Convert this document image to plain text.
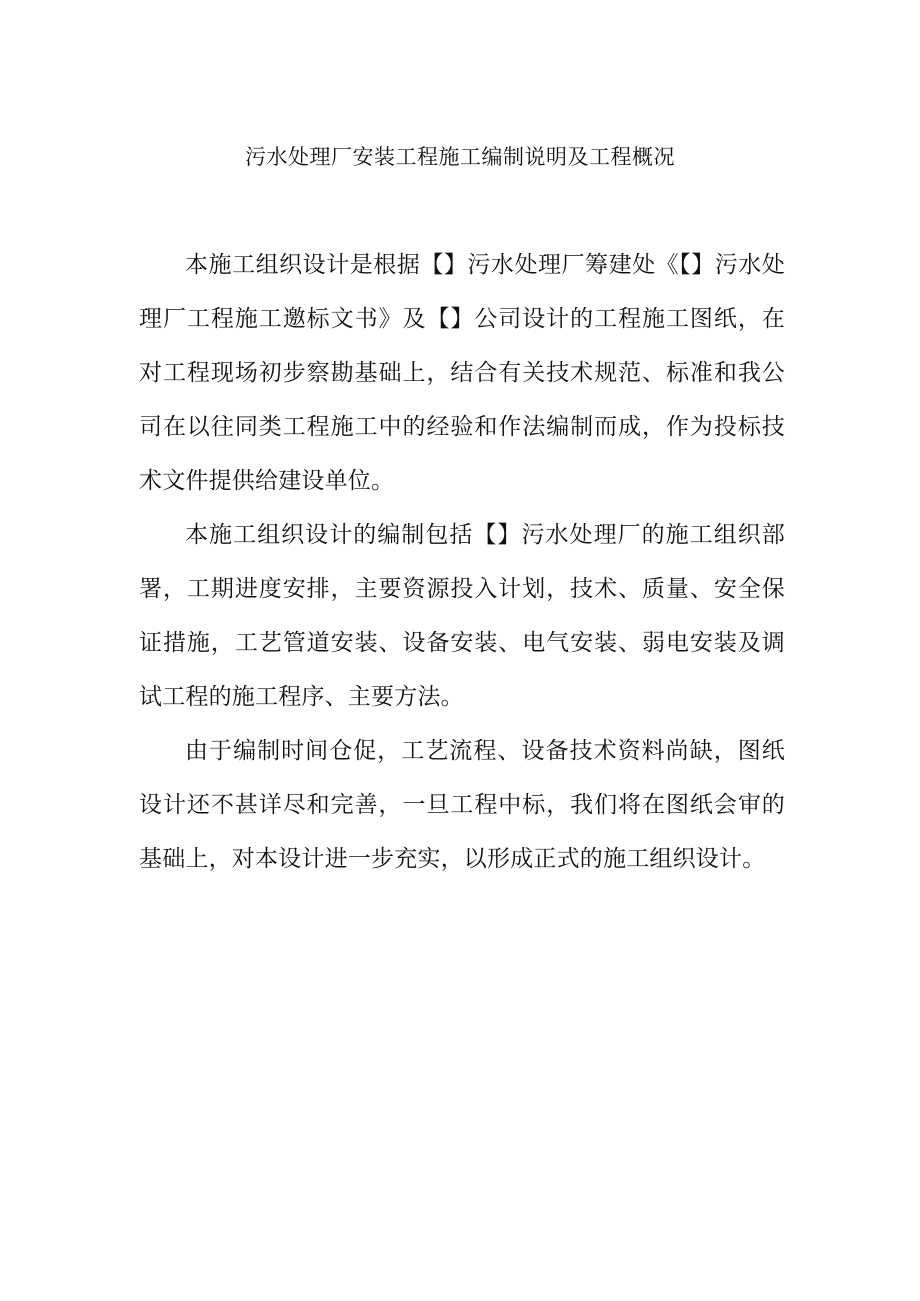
污水处理厂安装工程施工编制说明及工程概况

本施工组织设计是根据【】污水处理厂筹建处《【】污水处理厂工程施工邀标文书》及【】公司设计的工程施工图纸，在对工程现场初步察勘基础上，结合有关技术规范、标准和我公司在以往同类工程施工中的经验和作法编制而成，作为投标技术文件提供给建设单位。

本施工组织设计的编制包括【】污水处理厂的施工组织部署，工期进度安排，主要资源投入计划，技术、质量、安全保证措施，工艺管道安装、设备安装、电气安装、弱电安装及调试工程的施工程序、主要方法。

由于编制时间仓促，工艺流程、设备技术资料尚缺，图纸设计还不甚详尽和完善，一旦工程中标，我们将在图纸会审的基础上，对本设计进一步充实，以形成正式的施工组织设计。
